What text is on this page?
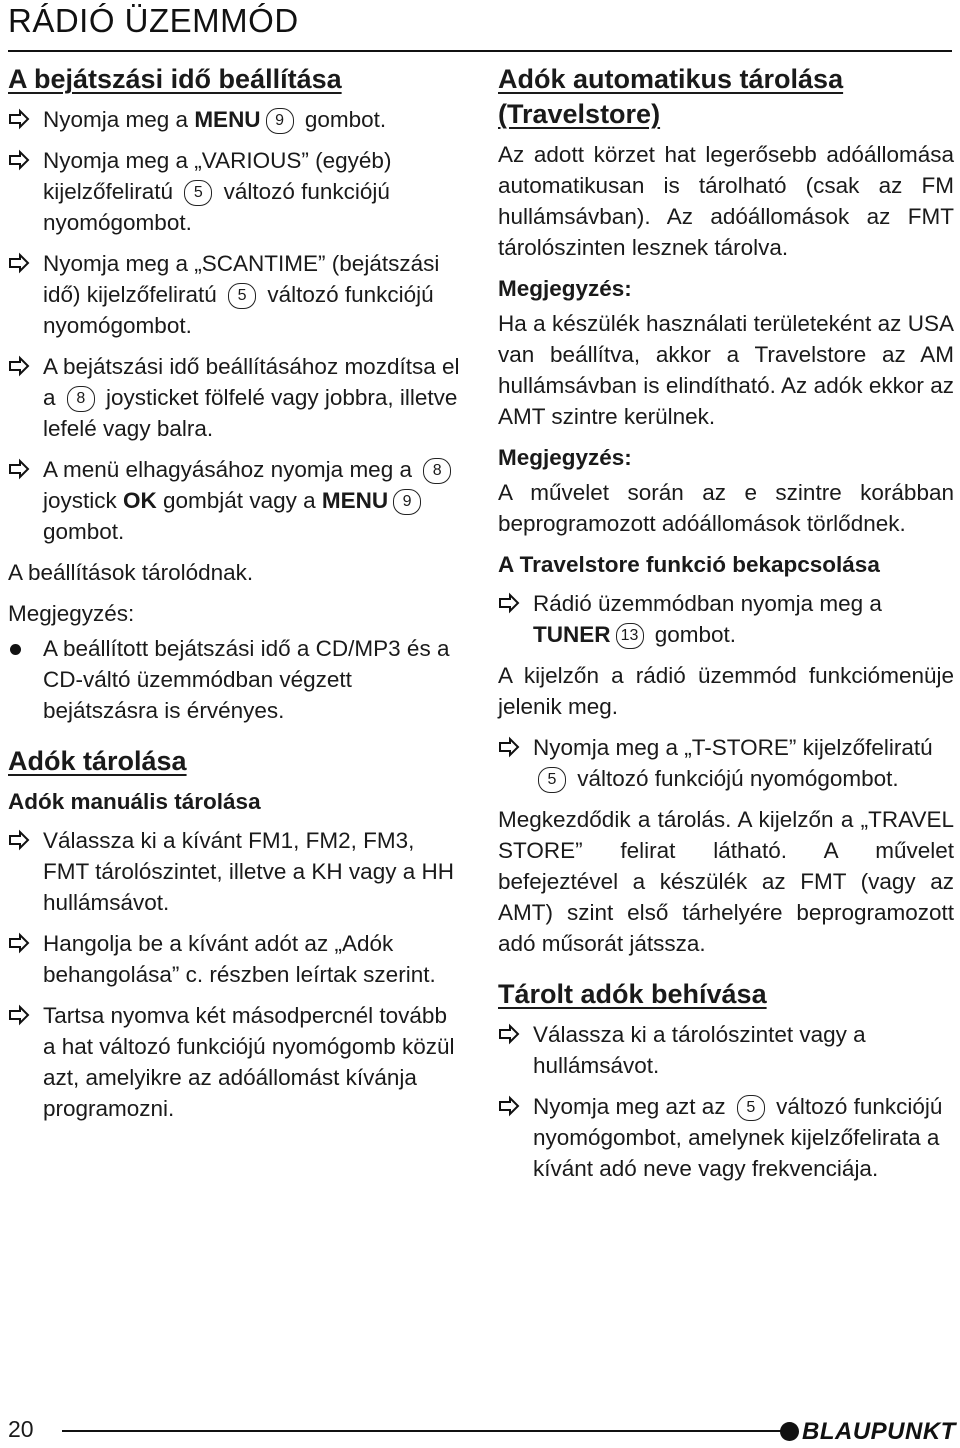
RÁDIÓ ÜZEMMÓD
A bejátszási idő beállítása
Nyomja meg a MENU 9 gombot.
Nyomja meg a „VARIOUS” (egyéb) kijelzőfeliratú 5 változó funkciójú nyomógombot.
Nyomja meg a „SCANTIME” (bejátszási idő) kijelzőfeliratú 5 változó funkciójú nyomógombot.
A bejátszási idő beállításához mozdítsa el a 8 joysticket fölfelé vagy jobbra, illetve lefelé vagy balra.
A menü elhagyásához nyomja meg a 8 joystick OK gombját vagy a MENU 9 gombot.

A beállítások tárolódnak.

Megjegyzés:
A beállított bejátszási idő a CD/MP3 és a CD-váltó üzemmódban végzett bejátszásra is érvényes.
Adók tárolása
Adók manuális tárolása
Válassza ki a kívánt FM1, FM2, FM3, FMT tárolószintet, illetve a KH vagy a HH hullámsávot.
Hangolja be a kívánt adót az „Adók behangolása” c. részben leírtak szerint.
Tartsa nyomva két másodpercnél tovább a hat változó funkciójú nyomógomb közül azt, amelyikre az adóállomást kívánja programozni.
Adók automatikus tárolása (Travelstore)

Az adott körzet hat legerősebb adóállomása automatikusan is tárolható (csak az FM hullámsávban). Az adóállomások az FMT tárolószinten lesznek tárolva.

Megjegyzés:

Ha a készülék használati területeként az USA van beállítva, akkor a Travelstore az AM hullámsávban is elindítható. Az adók ekkor az AMT szintre kerülnek.

Megjegyzés:

A művelet során az e szintre korábban beprogramozott adóállomások törlődnek.

A Travelstore funkció bekapcsolása
Rádió üzemmódban nyomja meg a TUNER 13 gombot.

A kijelzőn a rádió üzemmód funkciómenüje jelenik meg.

Nyomja meg a „T-STORE” kijelzőfeliratú 5 változó funkciójú nyomógombot.

Megkezdődik a tárolás. A kijelzőn a „TRAVEL STORE” felirat látható. A művelet befejeztével a készülék az FMT (vagy az AMT) szint első tárhelyére beprogramozott adó műsorát játssza.

Tárolt adók behívása
Válassza ki a tárolószintet vagy a hullámsávot.
Nyomja meg azt az 5 változó funkciójú nyomógombot, amelynek kijelzőfelirata a kívánt adó neve vagy frekvenciája.
20	BLAUPUNKT
